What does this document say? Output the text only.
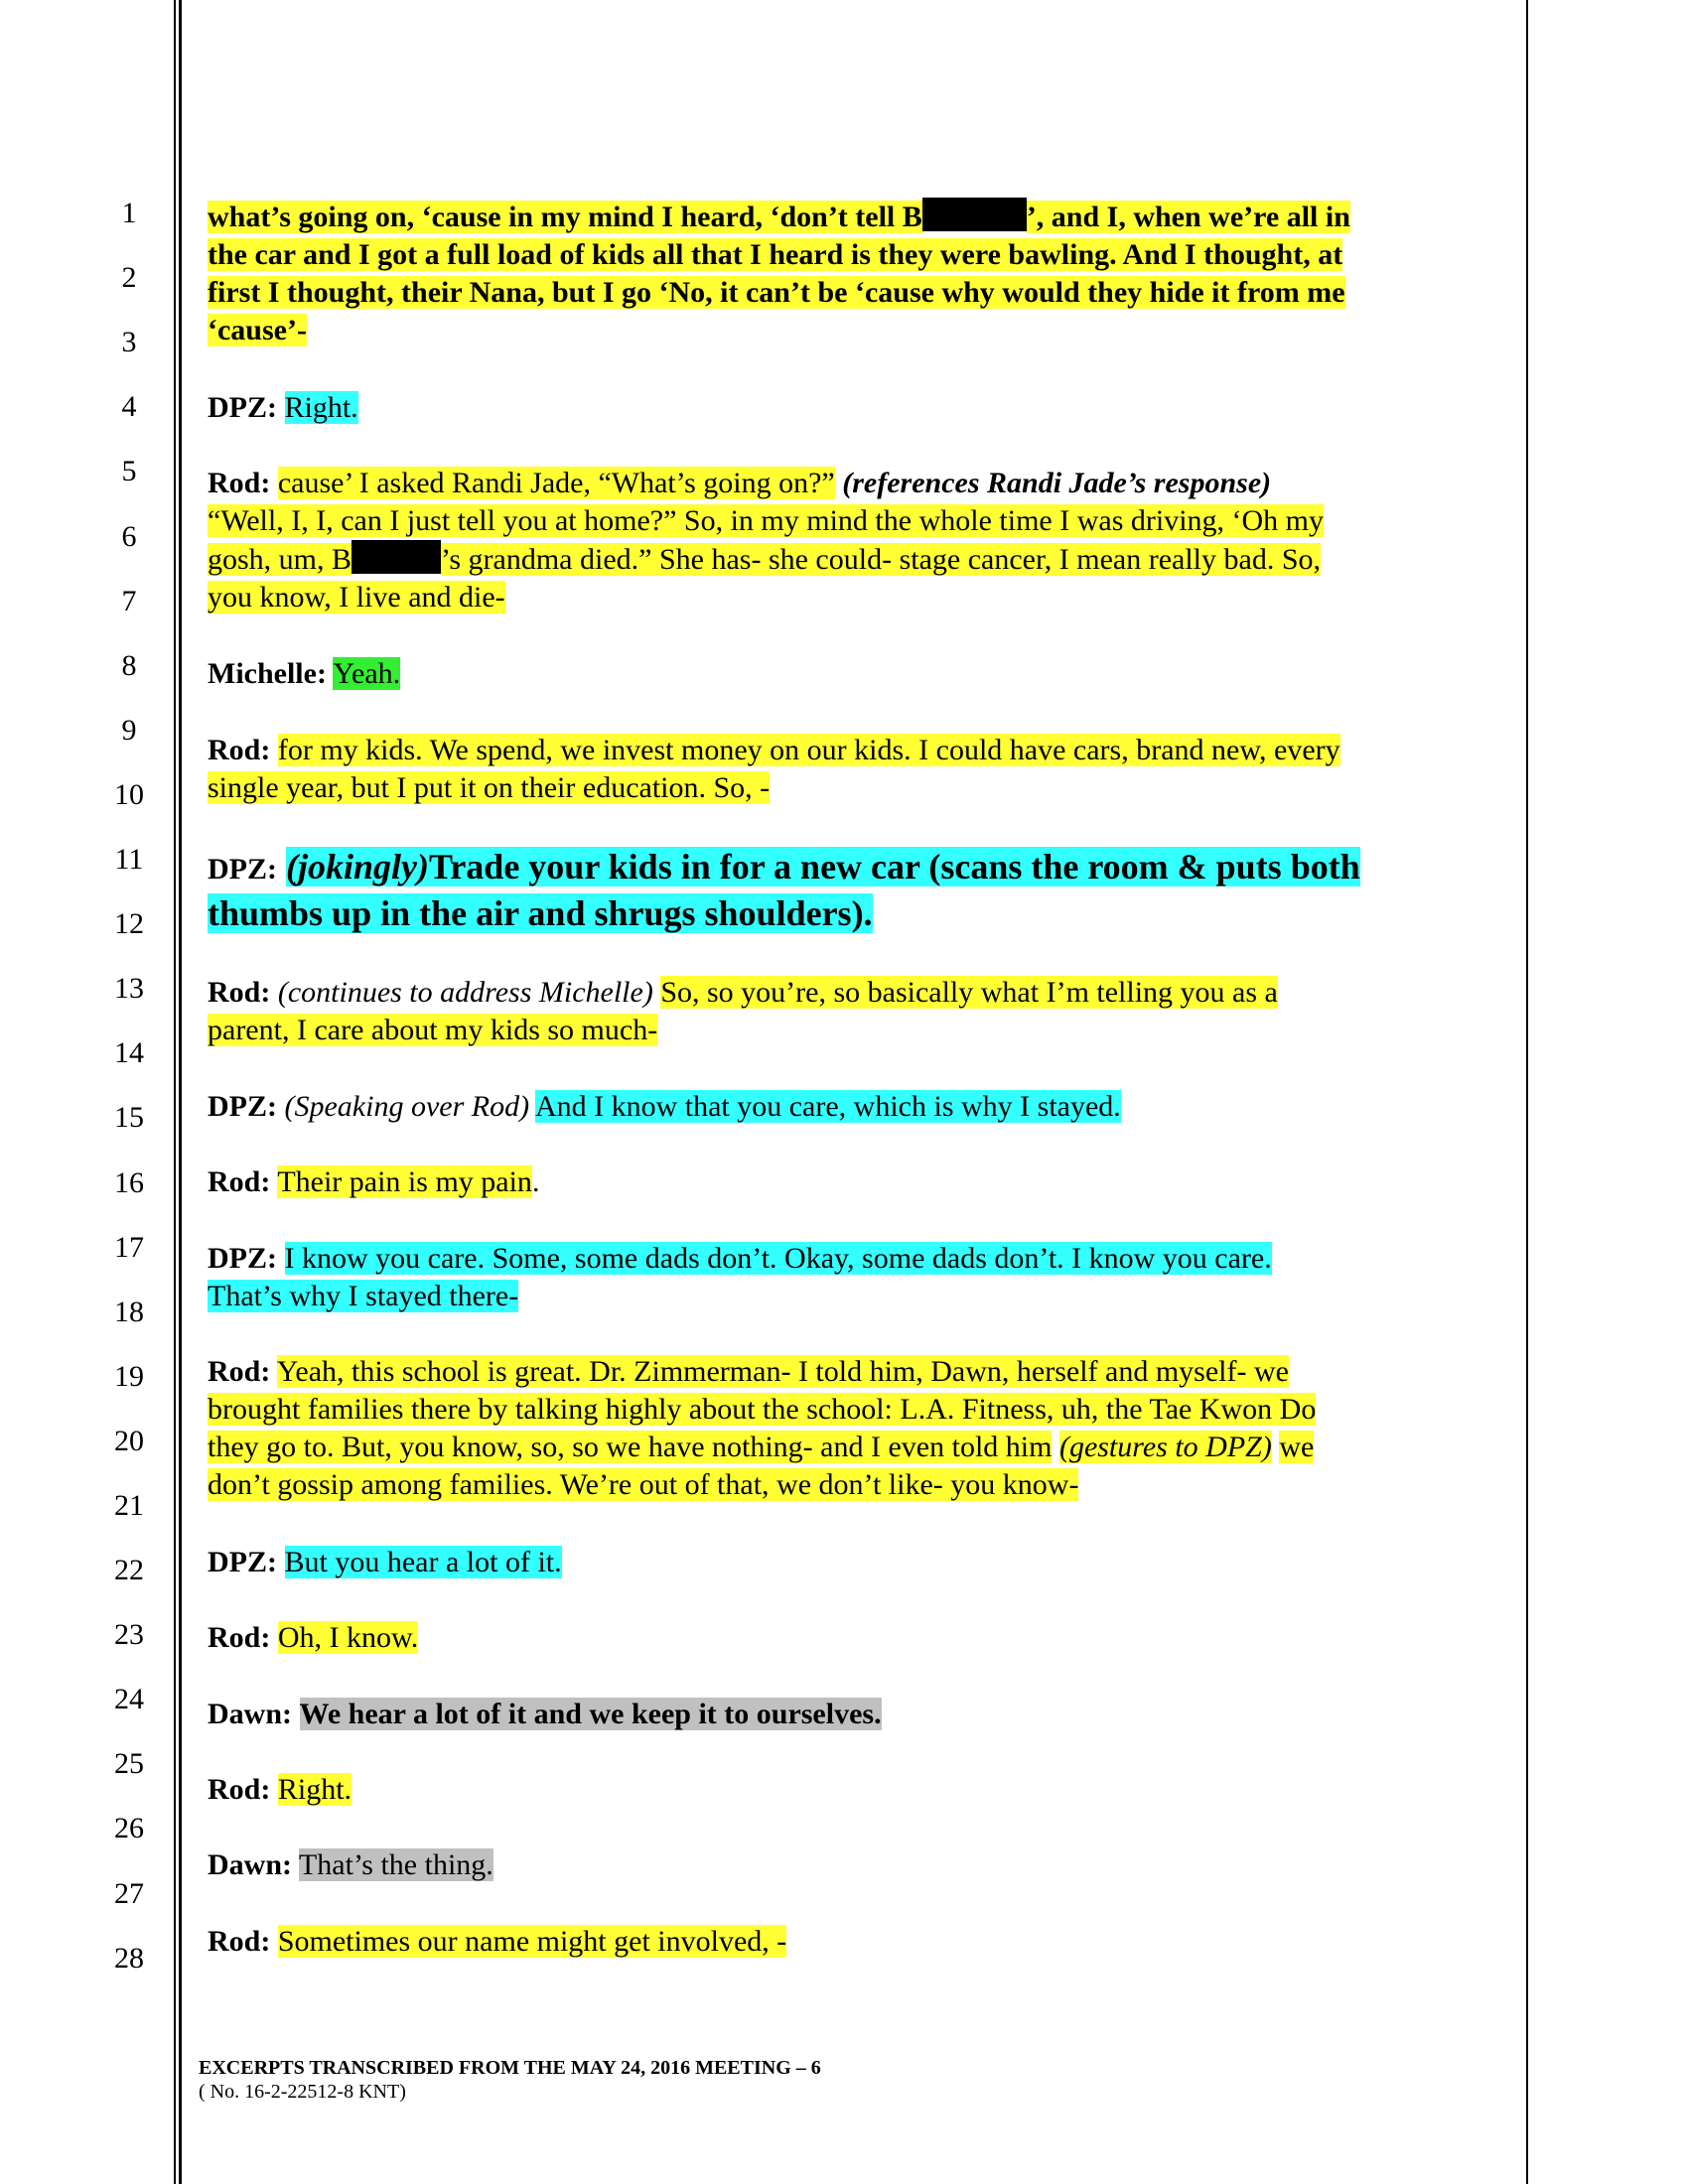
1
2
3
4
5
6
7
8
9
10
11
12
13
14
15
16
17
18
19
20
21
22
23
24
25
26
27
28
what’s going on, ‘cause in my mind I heard, ‘don’t tell B	’, and I, when we’re all in
the car and I got a full load of kids all that I heard is they were bawling. And I thought, at
first I thought, their Nana, but I go ‘No, it can’t be ‘cause why would they hide it from me
‘cause’-
DPZ: Right.
Rod: cause’ I asked Randi Jade, “What’s going on?” (references Randi Jade’s response)
“Well, I, I, can I just tell you at home?” So, in my mind the whole time I was driving, ‘Oh my
gosh, um, B	’s grandma died.” She has- she could- stage cancer, I mean really bad. So,
you know, I live and die-
Michelle: Yeah.
Rod: for my kids. We spend, we invest money on our kids. I could have cars, brand new, every
single year, but I put it on their education. So, -
DPZ: (jokingly)Trade your kids in for a new car (scans the room & puts both
thumbs up in the air and shrugs shoulders).
Rod: (continues to address Michelle) So, so you’re, so basically what I’m telling you as a
parent, I care about my kids so much-
DPZ: (Speaking over Rod) And I know that you care, which is why I stayed.
Rod: Their pain is my pain.
DPZ: I know you care. Some, some dads don’t. Okay, some dads don’t. I know you care.
That’s why I stayed there-
Rod: Yeah, this school is great. Dr. Zimmerman- I told him, Dawn, herself and myself- we
brought families there by talking highly about the school: L.A. Fitness, uh, the Tae Kwon Do
they go to. But, you know, so, so we have nothing- and I even told him (gestures to DPZ) we
don’t gossip among families. We’re out of that, we don’t like- you know-
DPZ: But you hear a lot of it.
Rod: Oh, I know.
Dawn: We hear a lot of it and we keep it to ourselves.
Rod: Right.
Dawn: That’s the thing.
Rod: Sometimes our name might get involved, -
EXCERPTS TRANSCRIBED FROM THE MAY 24, 2016 MEETING – 6
( No. 16-2-22512-8 KNT)
